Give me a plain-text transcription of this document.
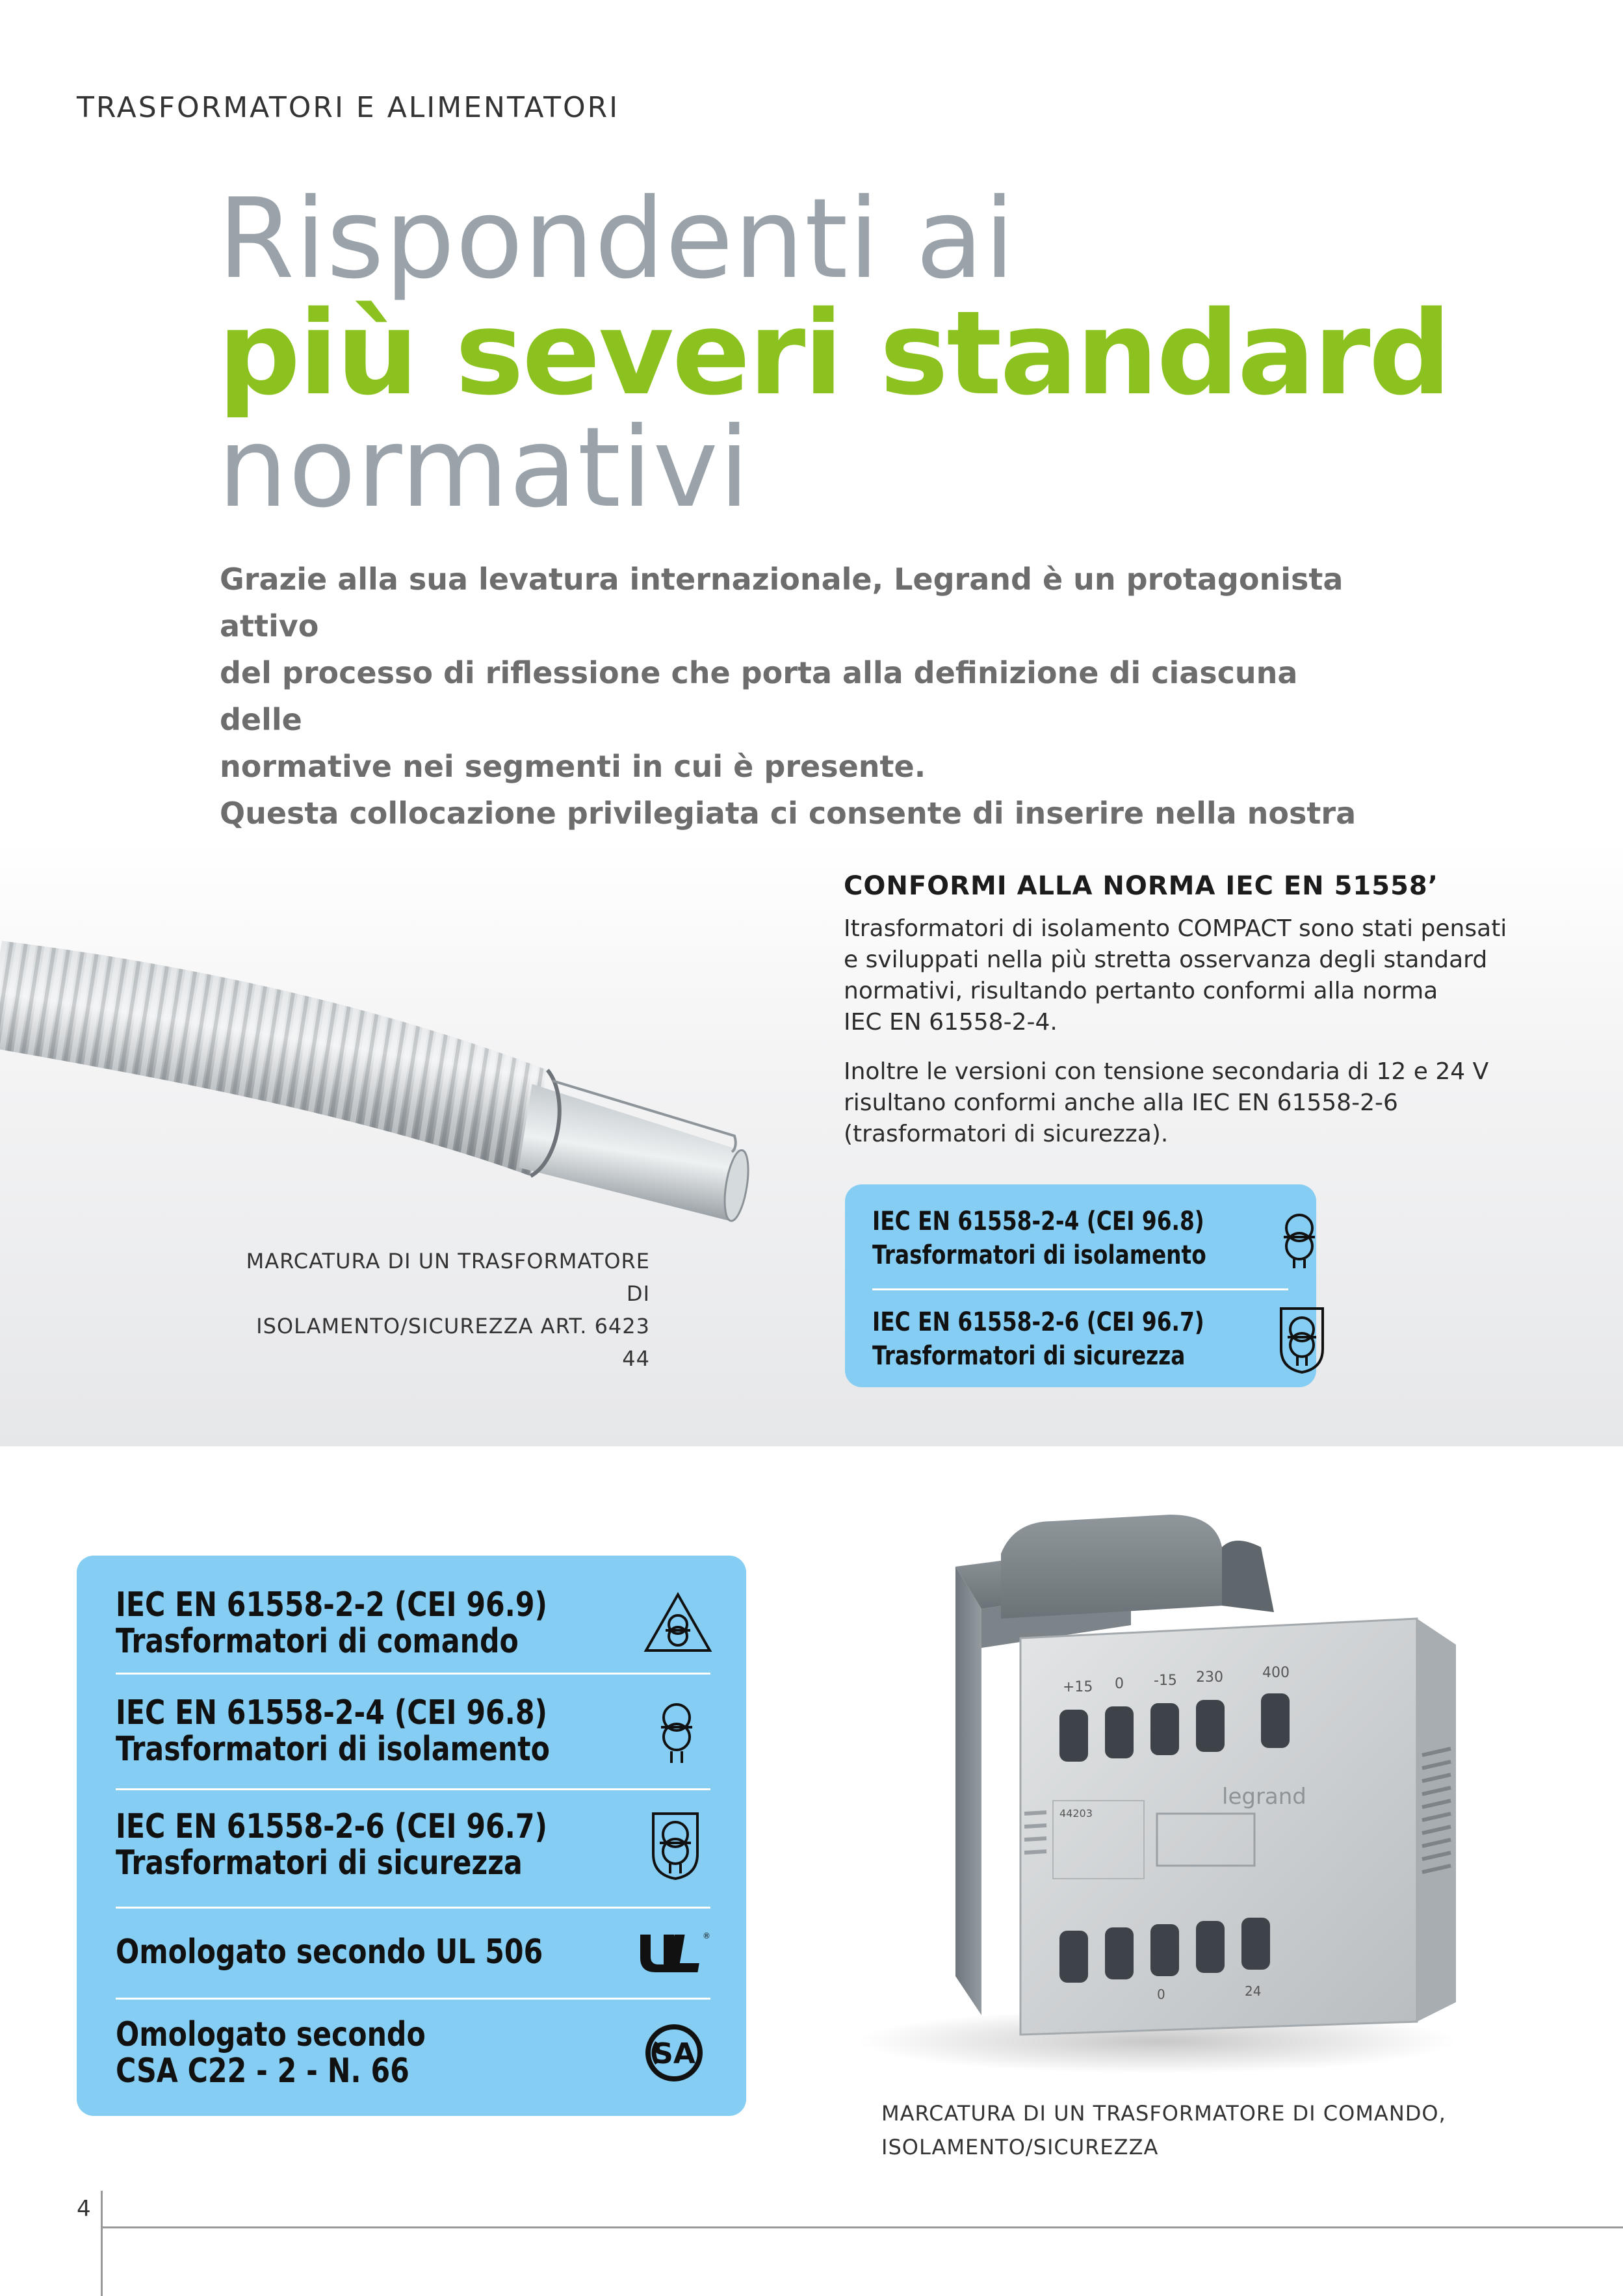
TRASFORMATORI E ALIMENTATORI
Rispondenti ai
più severi standard
normativi

Grazie alla sua levatura internazionale, Legrand è un protagonista attivo

del processo di riflessione che porta alla definizione di ciascuna delle

normative nei segmenti in cui è presente.

Questa collocazione privilegiata ci consente di inserire nella nostra

MARCATURA DI UN TRASFORMATORE DI
ISOLAMENTO/SICUREZZA ART. 6423 44
CONFORMI ALLA NORMA IEC EN 51558’

Itrasformatori di isolamento COMPACT sono stati pensati
e sviluppati nella più stretta osservanza degli standard
normativi, risultando pertanto conformi alla norma
IEC EN 61558-2-4.

Inoltre le versioni con tensione secondaria di 12 e 24 V
risultano conformi anche alla IEC EN 61558-2-6
(trasformatori di sicurezza).

IEC EN 61558-2-4 (CEI 96.8)
Trasformatori di isolamento
IEC EN 61558-2-6 (CEI 96.7)
Trasformatori di sicurezza
IEC EN 61558-2-2 (CEI 96.9)
Trasformatori di comando
IEC EN 61558-2-4 (CEI 96.8)
Trasformatori di isolamento
IEC EN 61558-2-6 (CEI 96.7)
Trasformatori di sicurezza
Omologato secondo UL 506	®
Omologato secondo
CSA C22 - 2 - N. 66	SA
+15 0 -15 230	400
legrand
44203
0	24
MARCATURA DI UN TRASFORMATORE DI COMANDO,
ISOLAMENTO/SICUREZZA
4
